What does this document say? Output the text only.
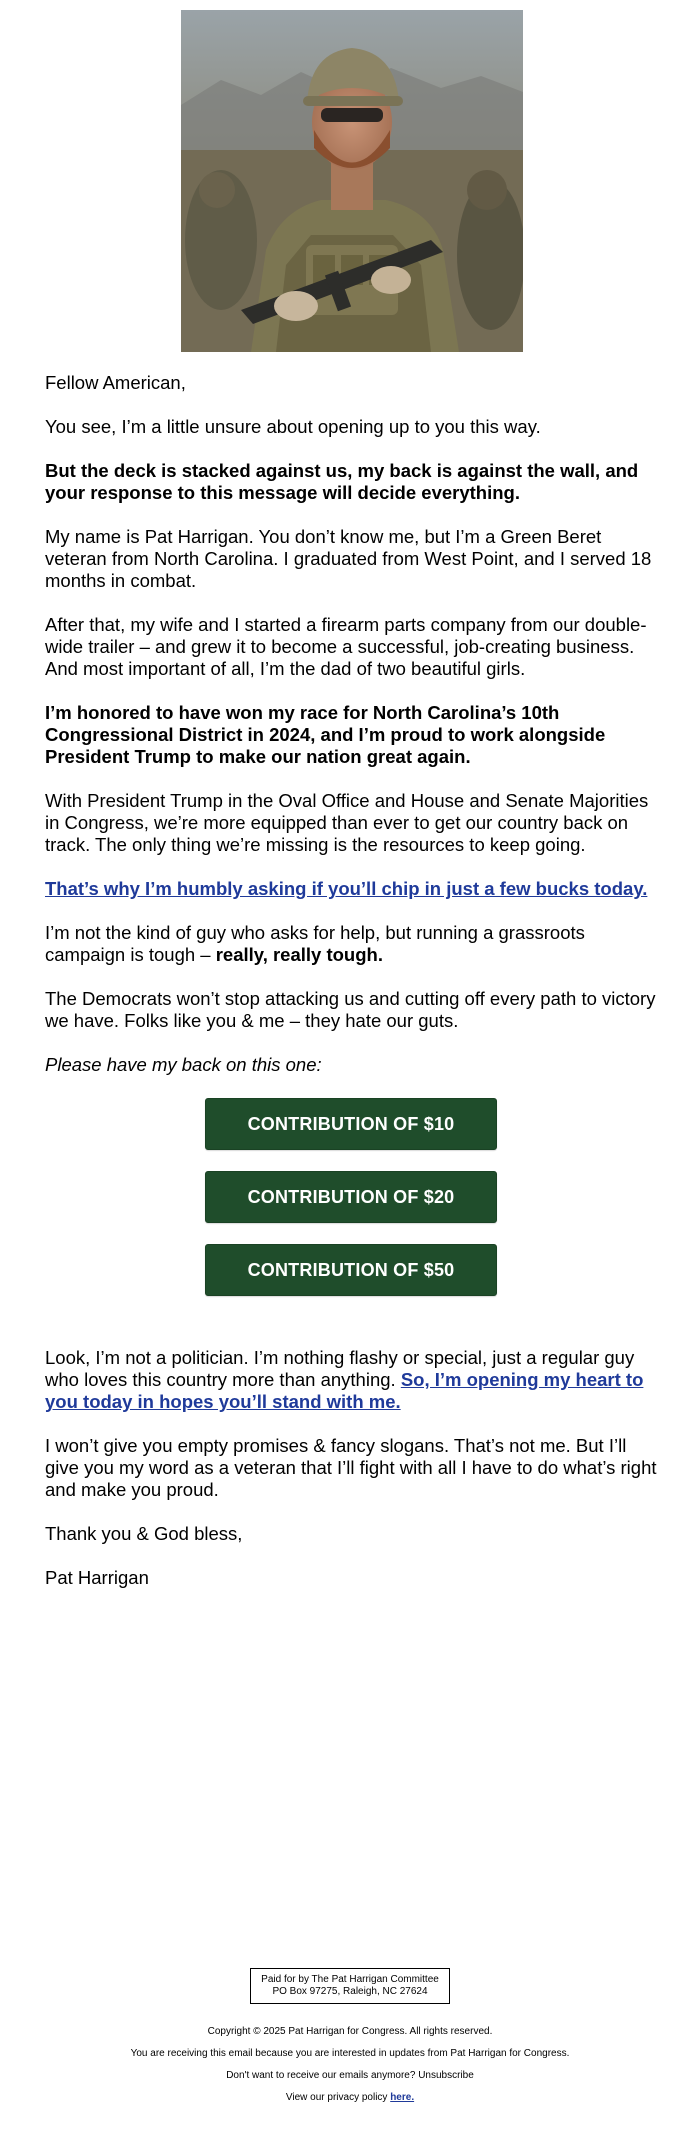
Fellow American,

You see, I’m a little unsure about opening up to you this way.

But the deck is stacked against us, my back is against the wall, and your response to this message will decide everything.

My name is Pat Harrigan. You don’t know me, but I’m a Green Beret veteran from North Carolina. I graduated from West Point, and I served 18 months in combat.

After that, my wife and I started a firearm parts company from our double-wide trailer – and grew it to become a successful, job-creating business. And most important of all, I’m the dad of two beautiful girls.

I’m honored to have won my race for North Carolina’s 10th Congressional District in 2024, and I’m proud to work alongside President Trump to make our nation great again.

With President Trump in the Oval Office and House and Senate Majorities in Congress, we’re more equipped than ever to get our country back on track. The only thing we’re missing is the resources to keep going.

That’s why I’m humbly asking if you’ll chip in just a few bucks today.

I’m not the kind of guy who asks for help, but running a grassroots campaign is tough – really, really tough.

The Democrats won’t stop attacking us and cutting off every path to victory we have. Folks like you & me – they hate our guts.

Please have my back on this one:

CONTRIBUTION OF $10
CONTRIBUTION OF $20
CONTRIBUTION OF $50

Look, I’m not a politician. I’m nothing flashy or special, just a regular guy who loves this country more than anything. So, I’m opening my heart to you today in hopes you’ll stand with me.

I won’t give you empty promises & fancy slogans. That’s not me. But I’ll give you my word as a veteran that I’ll fight with all I have to do what’s right and make you proud.

Thank you & God bless,

Pat Harrigan

Paid for by The Pat Harrigan Committee
PO Box 97275, Raleigh, NC 27624
Copyright © 2025 Pat Harrigan for Congress. All rights reserved.
You are receiving this email because you are interested in updates from Pat Harrigan for Congress.
Don't want to receive our emails anymore? Unsubscribe
View our privacy policy here.
